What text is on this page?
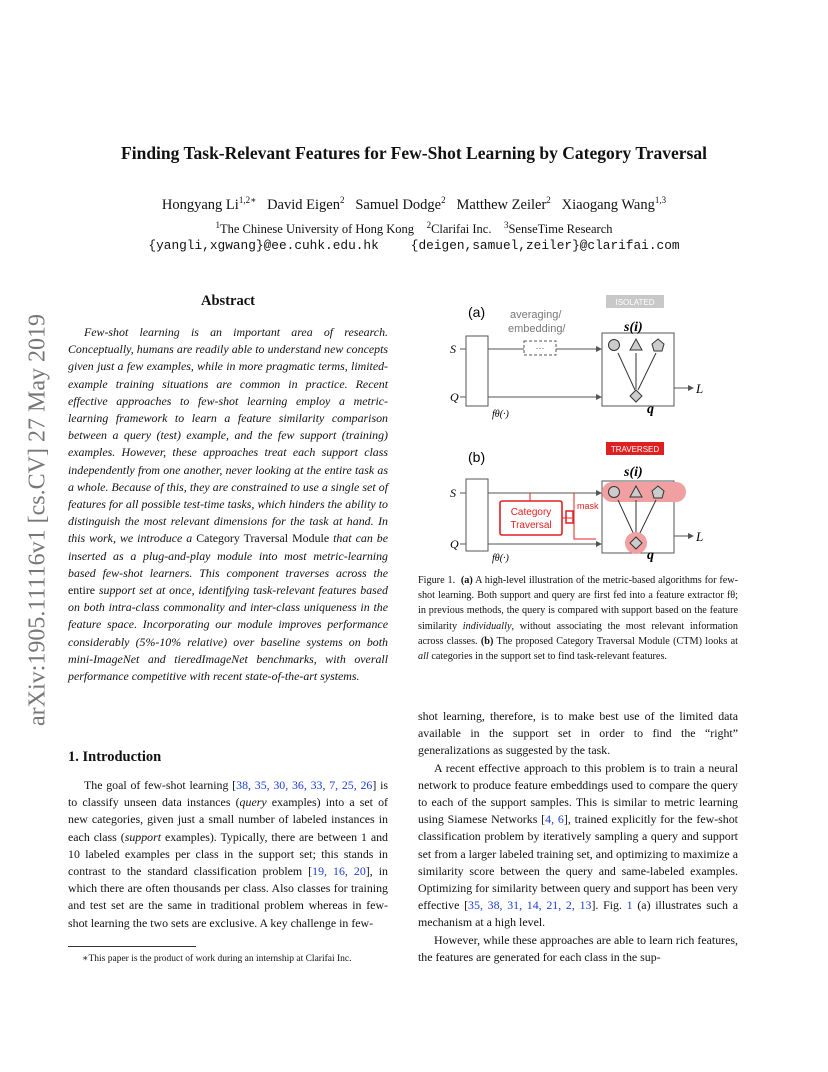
Finding Task-Relevant Features for Few-Shot Learning by Category Traversal
Hongyang $Li^{1,2∗}$ David Eigen$^2$ Samuel Dodge$^2$ Matthew Zeiler$^2$ Xiaogang Wang$^{1,3}$
$^1$The Chinese University of Hong Kong $^2$Clarifai Inc. $^3$SenseTime Research
{yangli,xgwang}@ee.cuhk.edu.hk	{deigen,samuel,zeiler}@clarifai.com
arXiv:1905.11116v1 [cs.CV] 27 May 2019
Abstract
Few-shot learning is an important area of research. Conceptually, humans are readily able to understand new concepts given just a few examples, while in more pragmatic terms, limited-example training situations are common in practice. Recent effective approaches to few-shot learning employ a metric-learning framework to learn a feature similarity comparison between a query (test) example, and the few support (training) examples. However, these approaches treat each support class independently from one another, never looking at the entire task as a whole. Because of this, they are constrained to use a single set of features for all possible test-time tasks, which hinders the ability to distinguish the most relevant dimensions for the task at hand. In this work, we introduce a Category Traversal Module that can be inserted as a plug-and-play module into most metric-learning based few-shot learners. This component traverses across the entire support set at once, identifying task-relevant features based on both intra-class commonality and inter-class uniqueness in the feature space. Incorporating our module improves performance considerably (5%-10% relative) over baseline systems on both mini-ImageNet and tieredImageNet benchmarks, with overall performance competitive with recent state-of-the-art systems.
1. Introduction
The goal of few-shot learning [38, 35, 30, 36, 33, 7, 25, 26] is to classify unseen data instances (query examples) into a set of new categories, given just a small number of labeled instances in each class (support examples). Typically, there are between 1 and 10 labeled examples per class in the support set; this stands in contrast to the standard classification problem [19, 16, 20], in which there are often thousands per class. Also classes for training and test set are the same in traditional problem whereas in few-shot learning the two sets are exclusive. A key challenge in few-
∗This paper is the product of work during an internship at Clarifai Inc.
(a) averaging/
embedding/
ISOLATED
S
Q
fθ(·)
···
s(i)
q
L
(b)	TRAVERSED
S
Q
fθ(·)
Category
Traversal
mask
s(i)
q
L
Figure 1. (a) A high-level illustration of the metric-based algorithms for few-shot learning. Both support and query are first fed into a feature extractor fθ; in previous methods, the query is compared with support based on the feature similarity individually, without associating the most relevant information across classes. (b) The proposed Category Traversal Module (CTM) looks at all categories in the support set to find task-relevant features.

shot learning, therefore, is to make best use of the limited data available in the support set in order to find the “right” generalizations as suggested by the task.

A recent effective approach to this problem is to train a neural network to produce feature embeddings used to compare the query to each of the support samples. This is similar to metric learning using Siamese Networks [4, 6], trained explicitly for the few-shot classification problem by iteratively sampling a query and support set from a larger labeled training set, and optimizing to maximize a similarity score between the query and same-labeled examples. Optimizing for similarity between query and support has been very effective [35, 38, 31, 14, 21, 2, 13]. Fig. 1 (a) illustrates such a mechanism at a high level.

However, while these approaches are able to learn rich features, the features are generated for each class in the sup-
